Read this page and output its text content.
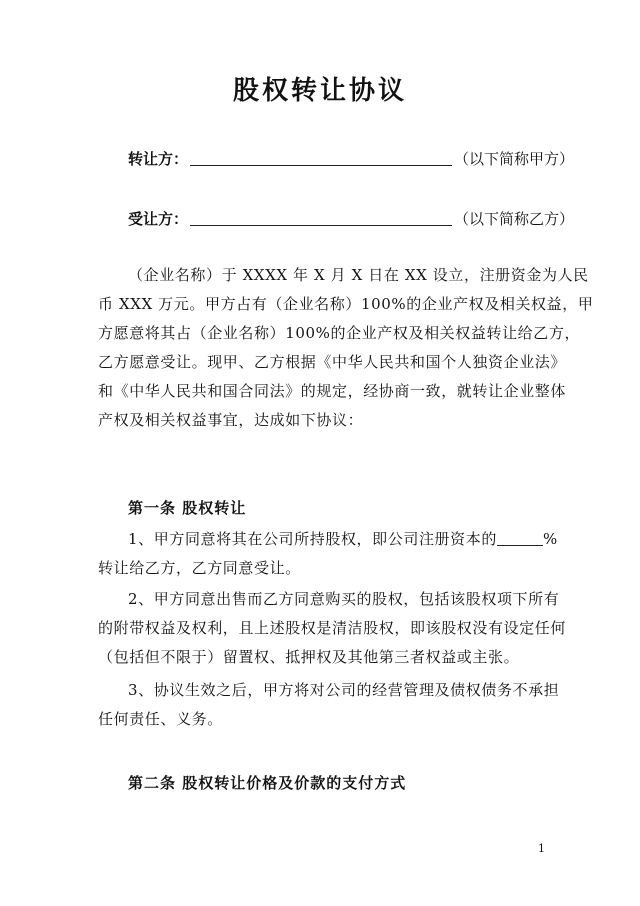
股权转让协议
转让方：	（以下简称甲方）
受让方：	（以下简称乙方）
（企业名称）于 XXXX 年 X 月 X 日在 XX 设立，注册资金为人民
币 XXX 万元。甲方占有（企业名称）100%的企业产权及相关权益，甲
方愿意将其占（企业名称）100%的企业产权及相关权益转让给乙方，
乙方愿意受让。现甲、乙方根据《中华人民共和国个人独资企业法》
和《中华人民共和国合同法》的规定，经协商一致，就转让企业整体
产权及相关权益事宜，达成如下协议：
第一条 股权转让
1、甲方同意将其在公司所持股权，即公司注册资本的	%
转让给乙方，乙方同意受让。
2、甲方同意出售而乙方同意购买的股权，包括该股权项下所有
的附带权益及权利，且上述股权是清洁股权，即该股权没有设定任何
（包括但不限于）留置权、抵押权及其他第三者权益或主张。
3、协议生效之后，甲方将对公司的经营管理及债权债务不承担
任何责任、义务。
第二条 股权转让价格及价款的支付方式
1
